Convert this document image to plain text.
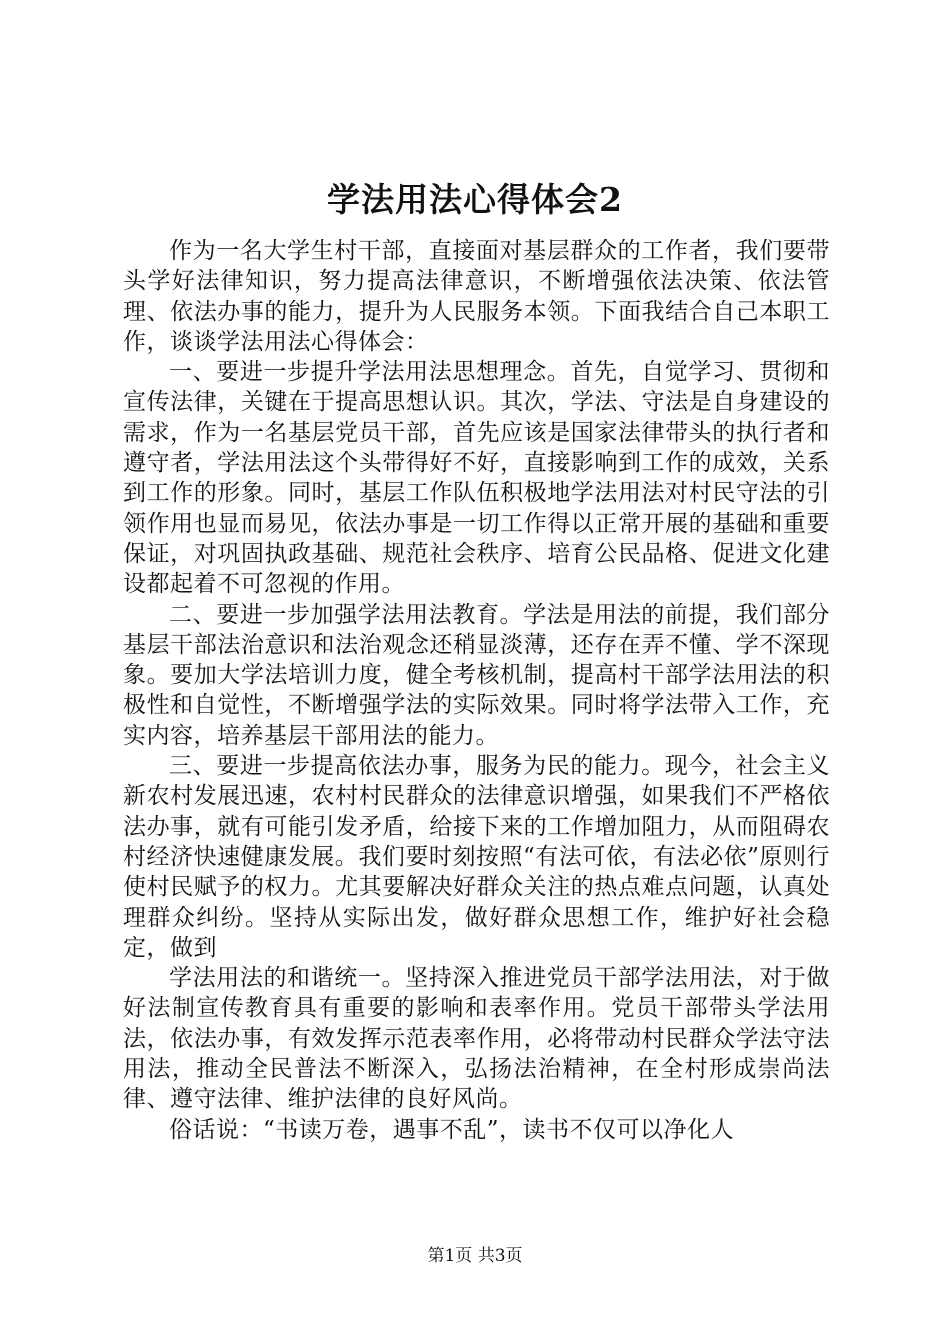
学法用法心得体会2

作为一名大学生村干部，直接面对基层群众的工作者，我们要带头学好法律知识，努力提高法律意识，不断增强依法决策、依法管理、依法办事的能力，提升为人民服务本领。下面我结合自己本职工作，谈谈学法用法心得体会：

一、要进一步提升学法用法思想理念。首先，自觉学习、贯彻和宣传法律，关键在于提高思想认识。其次，学法、守法是自身建设的需求，作为一名基层党员干部，首先应该是国家法律带头的执行者和遵守者，学法用法这个头带得好不好，直接影响到工作的成效，关系到工作的形象。同时，基层工作队伍积极地学法用法对村民守法的引领作用也显而易见，依法办事是一切工作得以正常开展的基础和重要保证，对巩固执政基础、规范社会秩序、培育公民品格、促进文化建设都起着不可忽视的作用。

二、要进一步加强学法用法教育。学法是用法的前提，我们部分基层干部法治意识和法治观念还稍显淡薄，还存在弄不懂、学不深现象。要加大学法培训力度，健全考核机制，提高村干部学法用法的积极性和自觉性，不断增强学法的实际效果。同时将学法带入工作，充实内容，培养基层干部用法的能力。

三、要进一步提高依法办事，服务为民的能力。现今，社会主义新农村发展迅速，农村村民群众的法律意识增强，如果我们不严格依法办事，就有可能引发矛盾，给接下来的工作增加阻力，从而阻碍农村经济快速健康发展。我们要时刻按照“有法可依，有法必依”原则行使村民赋予的权力。尤其要解决好群众关注的热点难点问题，认真处理群众纠纷。坚持从实际出发，做好群众思想工作，维护好社会稳定，做到

学法用法的和谐统一。坚持深入推进党员干部学法用法，对于做好法制宣传教育具有重要的影响和表率作用。党员干部带头学法用法，依法办事，有效发挥示范表率作用，必将带动村民群众学法守法用法，推动全民普法不断深入，弘扬法治精神，在全村形成崇尚法律、遵守法律、维护法律的良好风尚。

俗话说：“书读万卷，遇事不乱”，读书不仅可以净化人

第1页 共3页
